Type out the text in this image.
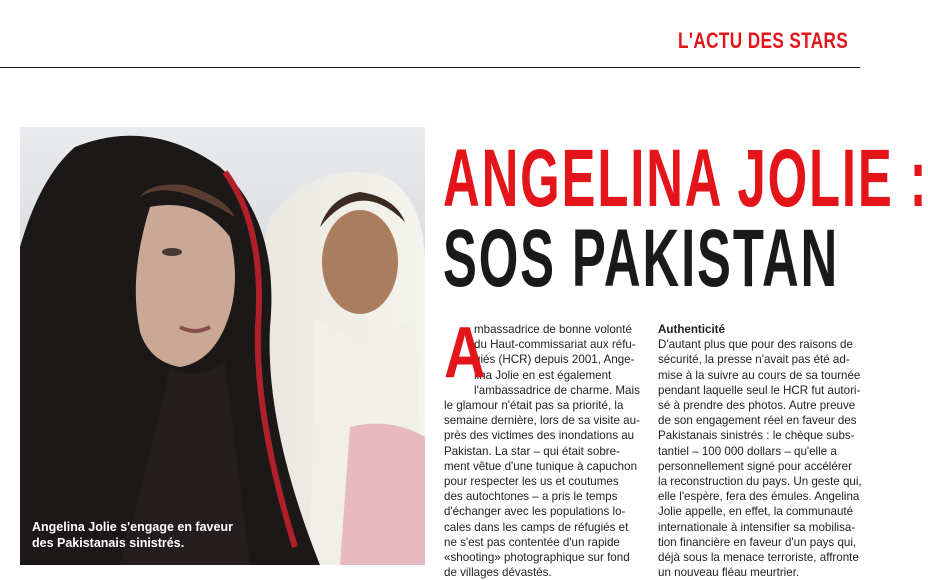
L'ACTU DES STARS
Angelina Jolie s'engage en faveur
des Pakistanais sinistrés.
ANGELINA JOLIE :
SOS PAKISTAN
A
mbassadrice de bonne volonté
du Haut-commissariat aux réfu-
giés (HCR) depuis 2001, Ange-
lina Jolie en est également
l'ambassadrice de charme. Mais
le glamour n'était pas sa priorité, la
semaine dernière, lors de sa visite au-
près des victimes des inondations au
Pakistan. La star – qui était sobre-
ment vêtue d'une tunique à capuchon
pour respecter les us et coutumes
des autochtones – a pris le temps
d'échanger avec les populations lo-
cales dans les camps de réfugiés et
ne s'est pas contentée d'un rapide
«shooting» photographique sur fond
de villages dévastés.
Authenticité
D'autant plus que pour des raisons de
sécurité, la presse n'avait pas été ad-
mise à la suivre au cours de sa tournée
pendant laquelle seul le HCR fut autori-
sé à prendre des photos. Autre preuve
de son engagement réel en faveur des
Pakistanais sinistrés : le chèque subs-
tantiel – 100 000 dollars – qu'elle a
personnellement signé pour accélérer
la reconstruction du pays. Un geste qui,
elle l'espère, fera des émules. Angelina
Jolie appelle, en effet, la communauté
internationale à intensifier sa mobilisa-
tion financière en faveur d'un pays qui,
déjà sous la menace terroriste, affronte
un nouveau fléau meurtrier.
